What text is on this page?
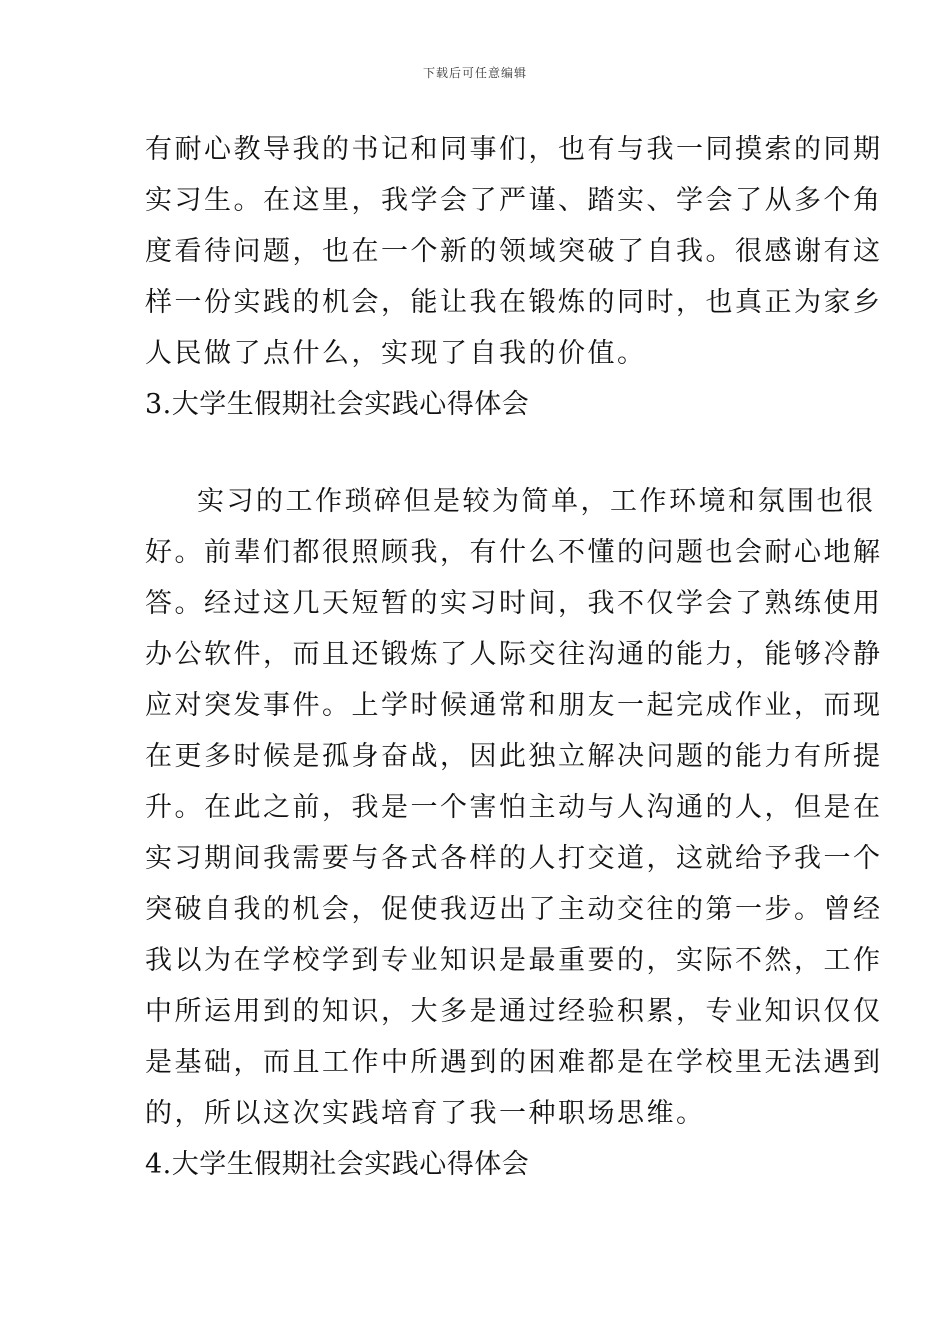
下载后可任意编辑
有耐心教导我的书记和同事们，也有与我一同摸索的同期
实习生。在这里，我学会了严谨、踏实、学会了从多个角
度看待问题，也在一个新的领域突破了自我。很感谢有这
样一份实践的机会，能让我在锻炼的同时，也真正为家乡
人民做了点什么，实现了自我的价值。
3.大学生假期社会实践心得体会
实习的工作琐碎但是较为简单，工作环境和氛围也很
好。前辈们都很照顾我，有什么不懂的问题也会耐心地解
答。经过这几天短暂的实习时间，我不仅学会了熟练使用
办公软件，而且还锻炼了人际交往沟通的能力，能够冷静
应对突发事件。上学时候通常和朋友一起完成作业，而现
在更多时候是孤身奋战，因此独立解决问题的能力有所提
升。在此之前，我是一个害怕主动与人沟通的人，但是在
实习期间我需要与各式各样的人打交道，这就给予我一个
突破自我的机会，促使我迈出了主动交往的第一步。曾经
我以为在学校学到专业知识是最重要的，实际不然，工作
中所运用到的知识，大多是通过经验积累，专业知识仅仅
是基础，而且工作中所遇到的困难都是在学校里无法遇到
的，所以这次实践培育了我一种职场思维。
4.大学生假期社会实践心得体会
